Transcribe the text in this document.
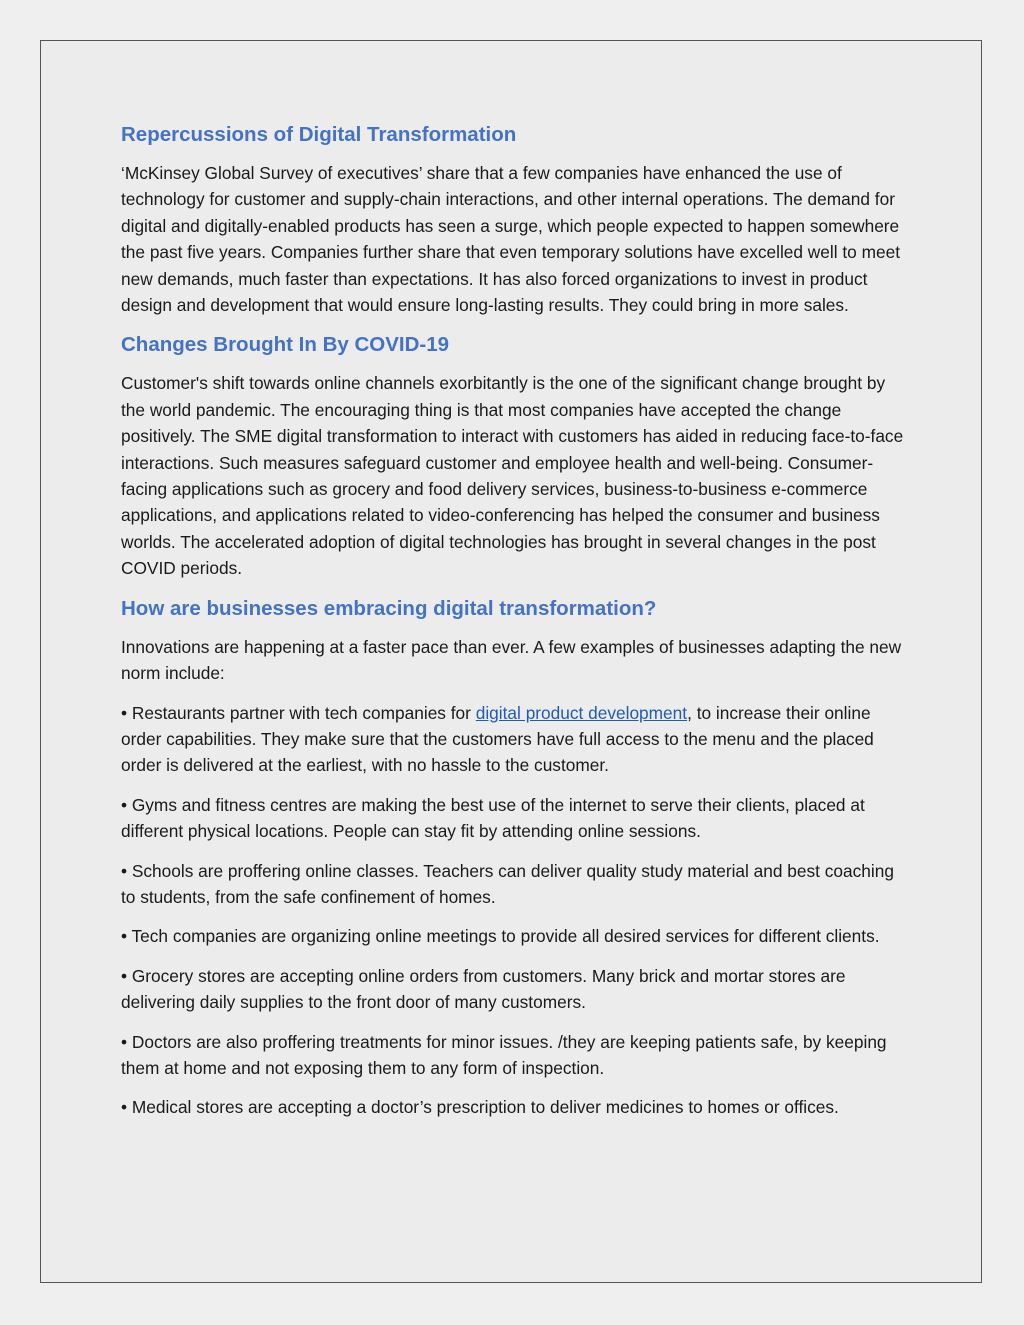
Repercussions of Digital Transformation

‘McKinsey Global Survey of executives’ share that a few companies have enhanced the use of technology for customer and supply-chain interactions, and other internal operations. The demand for digital and digitally-enabled products has seen a surge, which people expected to happen somewhere the past five years. Companies further share that even temporary solutions have excelled well to meet new demands, much faster than expectations. It has also forced organizations to invest in product design and development that would ensure long-lasting results. They could bring in more sales.

Changes Brought In By COVID-19

Customer's shift towards online channels exorbitantly is the one of the significant change brought by the world pandemic. The encouraging thing is that most companies have accepted the change positively. The SME digital transformation to interact with customers has aided in reducing face-to-face interactions. Such measures safeguard customer and employee health and well-being. Consumer-facing applications such as grocery and food delivery services, business-to-business e-commerce applications, and applications related to video-conferencing has helped the consumer and business worlds. The accelerated adoption of digital technologies has brought in several changes in the post COVID periods.

How are businesses embracing digital transformation?

Innovations are happening at a faster pace than ever. A few examples of businesses adapting the new norm include:

• Restaurants partner with tech companies for digital product development, to increase their online order capabilities. They make sure that the customers have full access to the menu and the placed order is delivered at the earliest, with no hassle to the customer.

• Gyms and fitness centres are making the best use of the internet to serve their clients, placed at different physical locations. People can stay fit by attending online sessions.

• Schools are proffering online classes. Teachers can deliver quality study material and best coaching to students, from the safe confinement of homes.

• Tech companies are organizing online meetings to provide all desired services for different clients.

• Grocery stores are accepting online orders from customers. Many brick and mortar stores are delivering daily supplies to the front door of many customers.

• Doctors are also proffering treatments for minor issues. /they are keeping patients safe, by keeping them at home and not exposing them to any form of inspection.

• Medical stores are accepting a doctor’s prescription to deliver medicines to homes or offices.
